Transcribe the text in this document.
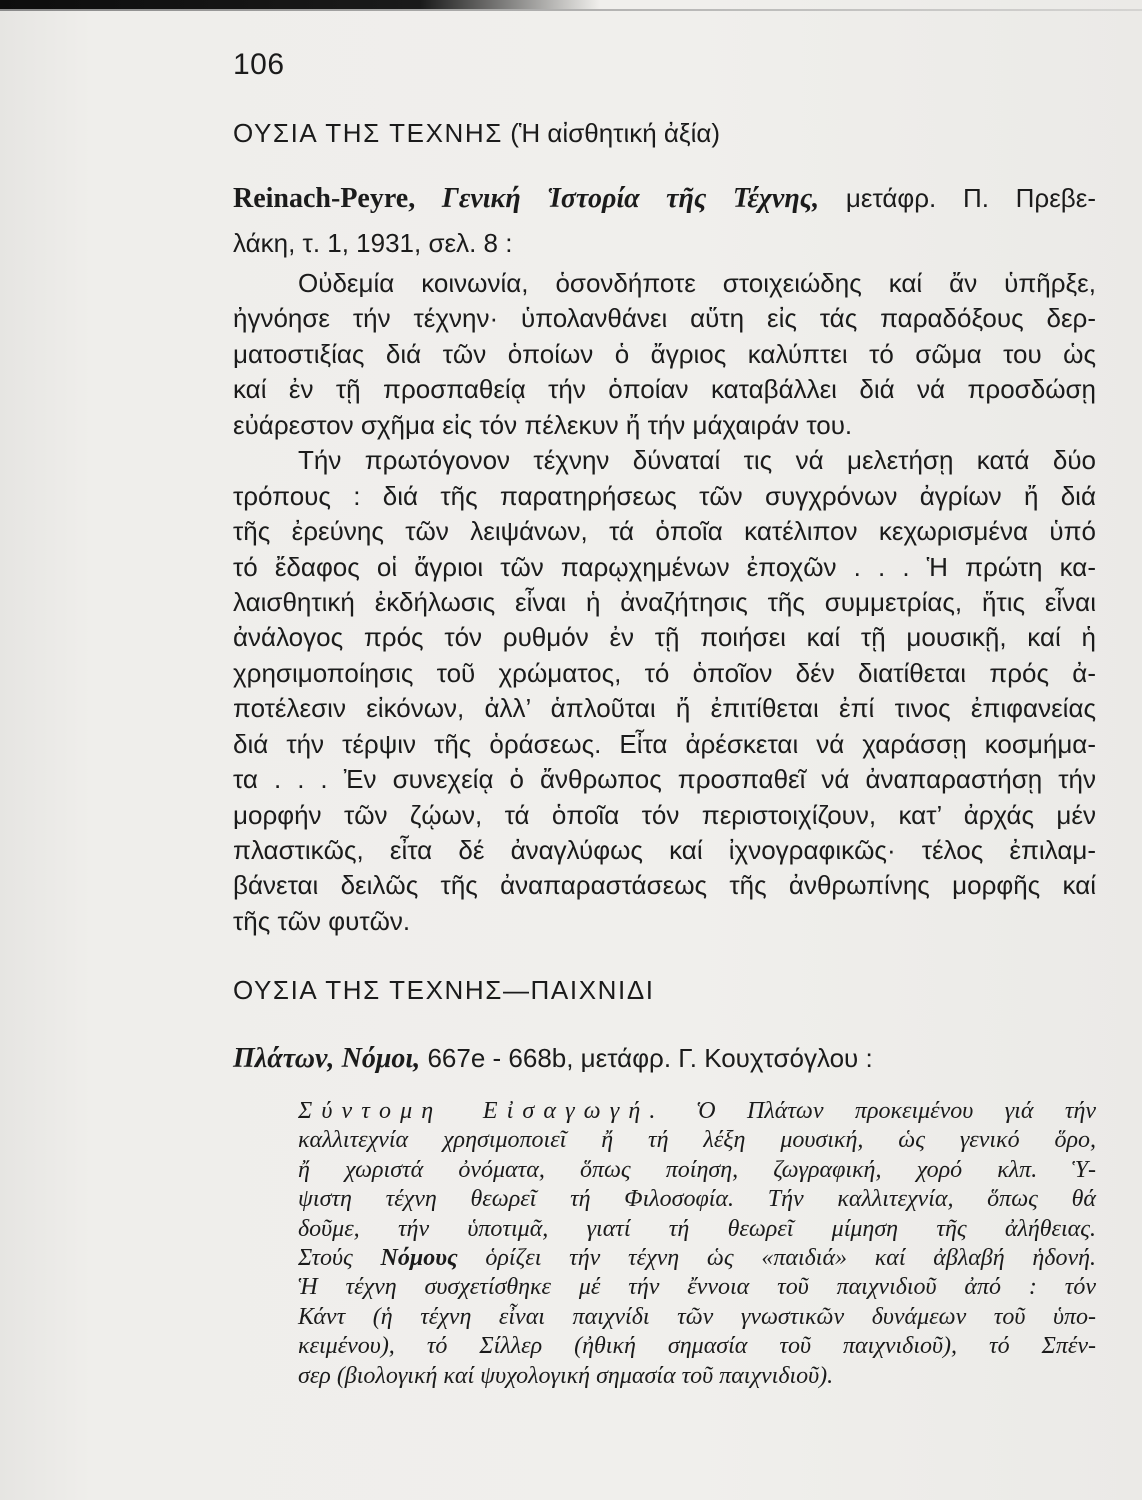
106
ΟΥΣΙΑ ΤΗΣ ΤΕΧΝΗΣ (Ἡ αἰσθητική ἀξία)
Reinach-Peyre, Γενική Ἱστορία τῆς Τέχνης, μετάφρ. Π. Πρεβε-
λάκη, τ. 1, 1931, σελ. 8 :
Οὐδεμία κοινωνία, ὁσονδήποτε στοιχειώδης καί ἄν ὑπῆρξε,
ἠγνόησε τήν τέχνην· ὑπολανθάνει αὕτη εἰς τάς παραδόξους δερ-
ματοστιξίας διά τῶν ὁποίων ὁ ἄγριος καλύπτει τό σῶμα του ὡς
καί ἐν τῇ προσπαθείᾳ τήν ὁποίαν καταβάλλει διά νά προσδώσῃ
εὐάρεστον σχῆμα εἰς τόν πέλεκυν ἤ τήν μάχαιράν του.
Τήν πρωτόγονον τέχνην δύναταί τις νά μελετήσῃ κατά δύο
τρόπους : διά τῆς παρατηρήσεως τῶν συγχρόνων ἀγρίων ἤ διά
τῆς ἐρεύνης τῶν λειψάνων, τά ὁποῖα κατέλιπον κεχωρισμένα ὑπό
τό ἔδαφος οἱ ἄγριοι τῶν παρῳχημένων ἐποχῶν . . . Ἡ πρώτη κα-
λαισθητική ἐκδήλωσις εἶναι ἡ ἀναζήτησις τῆς συμμετρίας, ἥτις εἶναι
ἀνάλογος πρός τόν ρυθμόν ἐν τῇ ποιήσει καί τῇ μουσικῇ, καί ἡ
χρησιμοποίησις τοῦ χρώματος, τό ὁποῖον δέν διατίθεται πρός ἀ-
ποτέλεσιν εἰκόνων, ἀλλ’ ἁπλοῦται ἤ ἐπιτίθεται ἐπί τινος ἐπιφανείας
διά τήν τέρψιν τῆς ὁράσεως. Εἶτα ἀρέσκεται νά χαράσσῃ κοσμήμα-
τα . . . Ἐν συνεχείᾳ ὁ ἄνθρωπος προσπαθεῖ νά ἀναπαραστήσῃ τήν
μορφήν τῶν ζῴων, τά ὁποῖα τόν περιστοιχίζουν, κατ’ ἀρχάς μέν
πλαστικῶς, εἶτα δέ ἀναγλύφως καί ἰχνογραφικῶς· τέλος ἐπιλαμ-
βάνεται δειλῶς τῆς ἀναπαραστάσεως τῆς ἀνθρωπίνης μορφῆς καί
τῆς τῶν φυτῶν.
ΟΥΣΙΑ ΤΗΣ ΤΕΧΝΗΣ—ΠΑΙΧΝΙΔΙ
Πλάτων, Νόμοι, 667e - 668b, μετάφρ. Γ. Κουχτσόγλου :
Σύντομη Εἰσαγωγή. Ὁ Πλάτων προκειμένου γιά τήν
καλλιτεχνία χρησιμοποιεῖ ἤ τή λέξη μουσική, ὡς γενικό ὅρο,
ἤ χωριστά ὀνόματα, ὅπως ποίηση, ζωγραφική, χορό κλπ. Ὑ-
ψιστη τέχνη θεωρεῖ τή Φιλοσοφία. Τήν καλλιτεχνία, ὅπως θά
δοῦμε, τήν ὑποτιμᾶ, γιατί τή θεωρεῖ μίμηση τῆς ἀλήθειας.
Στούς Νόμους ὁρίζει τήν τέχνη ὡς «παιδιά» καί ἀβλαβή ἡδονή.
Ἡ τέχνη συσχετίσθηκε μέ τήν ἔννοια τοῦ παιχνιδιοῦ ἀπό : τόν
Κάντ (ἡ τέχνη εἶναι παιχνίδι τῶν γνωστικῶν δυνάμεων τοῦ ὑπο-
κειμένου), τό Σίλλερ (ἠθική σημασία τοῦ παιχνιδιοῦ), τό Σπέν-
σερ (βιολογική καί ψυχολογική σημασία τοῦ παιχνιδιοῦ).
